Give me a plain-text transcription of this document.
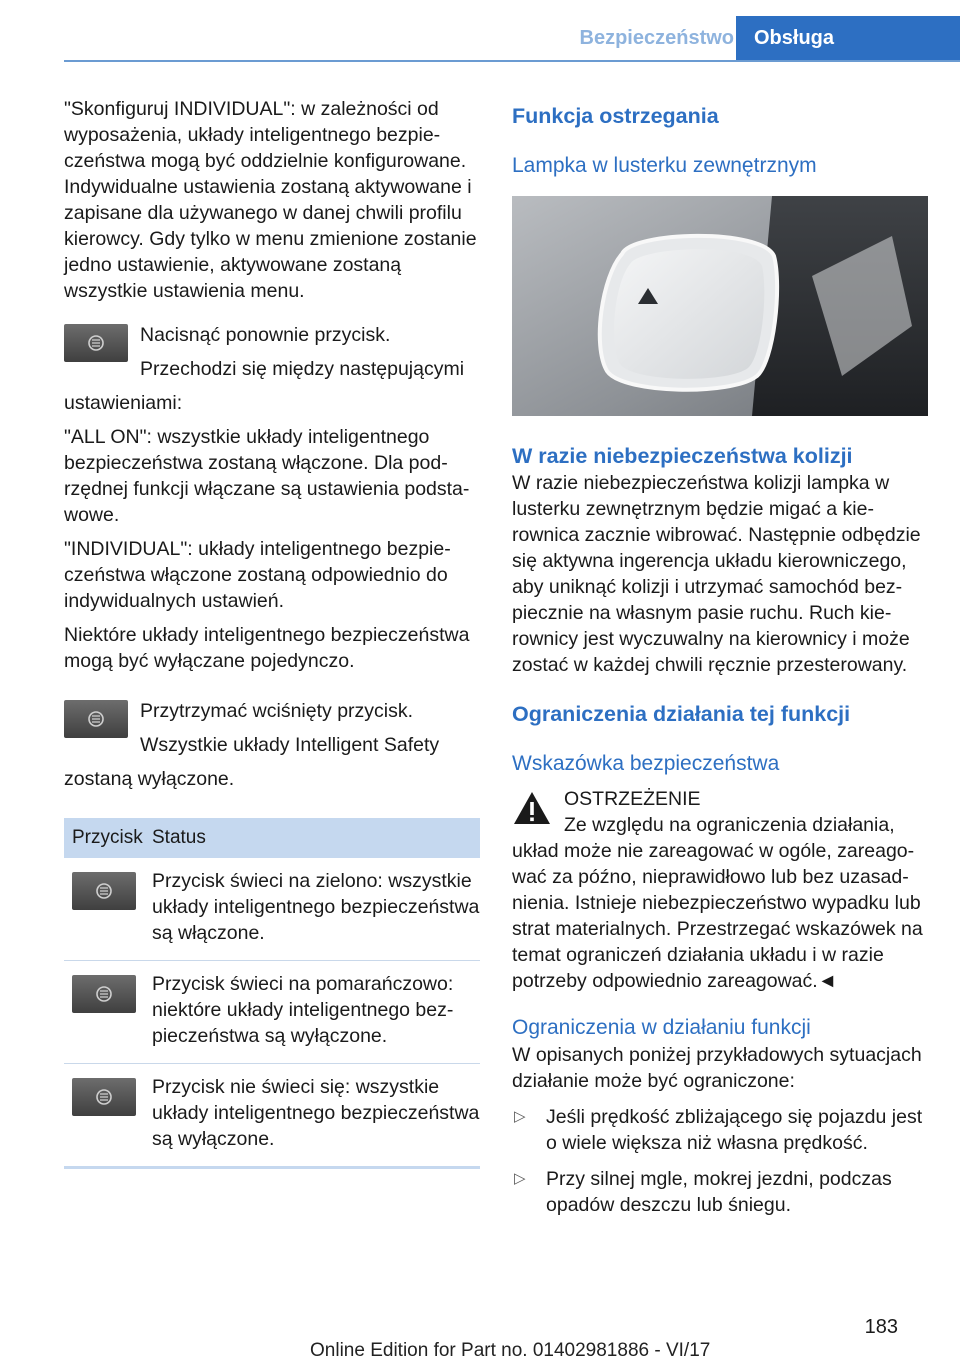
Bezpieczeństwo	Obsługa

"Skonfiguruj INDIVIDUAL": w zależności od wyposażenia, układy inteligentnego bezpieczeństwa mogą być oddzielnie konfigurowane. Indywidualne ustawienia zostaną aktywowane i zapisane dla używanego w danej chwili profilu kierowcy. Gdy tylko w menu zmienione zostanie jedno ustawienie, aktywowane zostaną wszystkie ustawienia menu.

Nacisnąć ponownie przycisk.

Przechodzi się między następującymi

ustawieniami:

"ALL ON": wszystkie układy inteligentnego bezpieczeństwa zostaną włączone. Dla podrzędnej funkcji włączane są ustawienia podstawowe.

"INDIVIDUAL": układy inteligentnego bezpieczeństwa włączone zostaną odpowiednio do indywidualnych ustawień.

Niektóre układy inteligentnego bezpieczeństwa mogą być wyłączane pojedynczo.

Przytrzymać wciśnięty przycisk.

Wszystkie układy Intelligent Safety

zostaną wyłączone.

Przycisk Status
Przycisk świeci na zielono: wszystkie układy inteligentnego bezpieczeństwa są włączone.
Przycisk świeci na pomarańczowo: niektóre układy inteligentnego bezpieczeństwa są wyłączone.
Przycisk nie świeci się: wszystkie układy inteligentnego bezpieczeństwa są wyłączone.
Funkcja ostrzegania
Lampka w lusterku zewnętrznym
W razie niebezpieczeństwa kolizji

W razie niebezpieczeństwa kolizji lampka w lusterku zewnętrznym będzie migać a kierownica zacznie wibrować. Następnie odbędzie się aktywna ingerencja układu kierowniczego, aby uniknąć kolizji i utrzymać samochód bezpiecznie na własnym pasie ruchu. Ruch kierownicy jest wyczuwalny na kierownicy i może zostać w każdej chwili ręcznie przesterowany.

Ograniczenia działania tej funkcji
Wskazówka bezpieczeństwa

OSTRZEŻENIE

Ze względu na ograniczenia działania,

układ może nie zareagować w ogóle, zareagować za późno, nieprawidłowo lub bez uzasadnienia. Istnieje niebezpieczeństwo wypadku lub strat materialnych. Przestrzegać wskazówek na temat ograniczeń działania układu i w razie potrzeby odpowiednio zareagować.◄

Ograniczenia w działaniu funkcji

W opisanych poniżej przykładowych sytuacjach działanie może być ograniczone:

▷ Jeśli prędkość zbliżającego się pojazdu jest o wiele większa niż własna prędkość.
▷ Przy silnej mgle, mokrej jezdni, podczas opadów deszczu lub śniegu.
183
Online Edition for Part no. 01402981886 - VI/17
